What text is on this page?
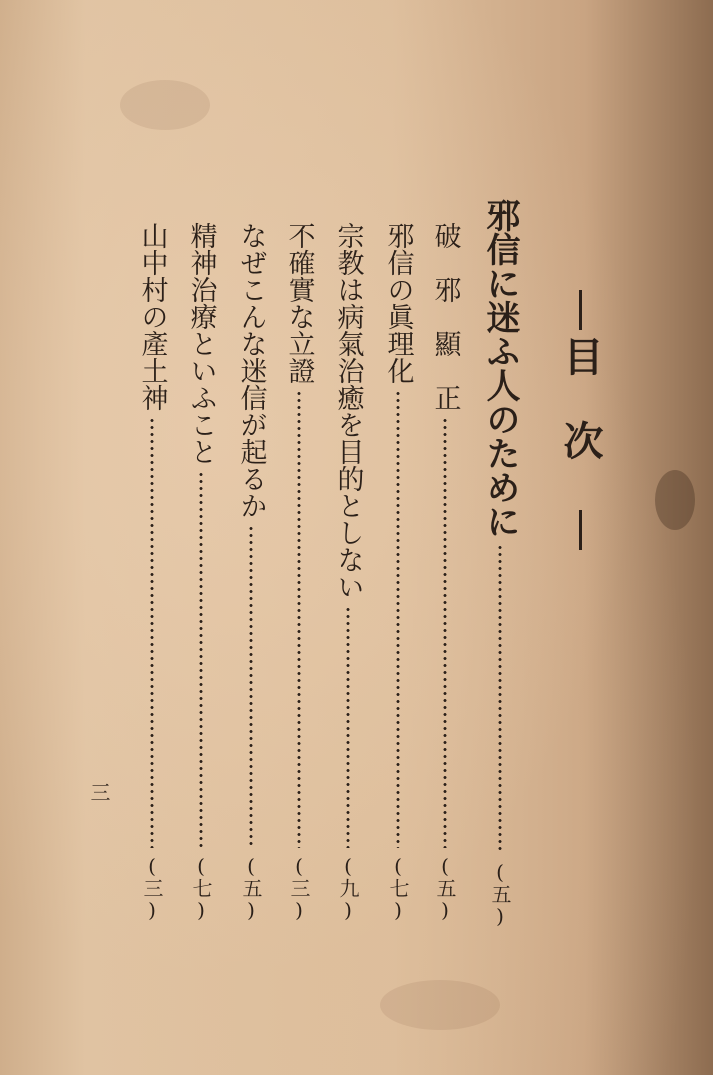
目次
邪信に迷ふ人のために
(五)
破　邪　顯　正
(五)
邪信の眞理化
(七)
宗教は病氣治癒を目的としない
(九)
不確實な立證
(三)
なぜこんな迷信が起るか
(五)
精神治療といふこと
(七)
山中村の產土神
(三)
三
